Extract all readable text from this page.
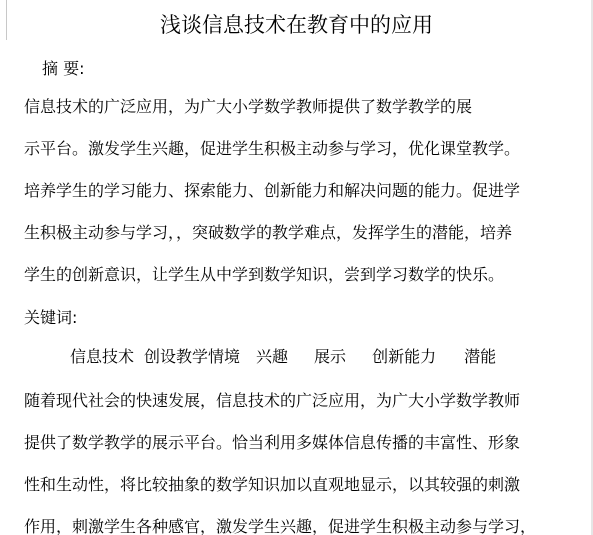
浅谈信息技术在教育中的应用
摘 要:
信息技术的广泛应用，为广大小学数学教师提供了数学教学的展
示平台。激发学生兴趣，促进学生积极主动参与学习，优化课堂教学。
培养学生的学习能力、探索能力、创新能力和解决问题的能力。促进学
生积极主动参与学习，，突破数学的教学难点，发挥学生的潜能，培养
学生的创新意识，让学生从中学到数学知识，尝到学习数学的快乐。
关键词:
信息技术 创设教学情境 兴趣 展示 创新能力 潜能
随着现代社会的快速发展，信息技术的广泛应用，为广大小学数学教师
提供了数学教学的展示平台。恰当利用多媒体信息传播的丰富性、形象
性和生动性，将比较抽象的数学知识加以直观地显示，以其较强的刺激
作用，刺激学生各种感官，激发学生兴趣，促进学生积极主动参与学习，
